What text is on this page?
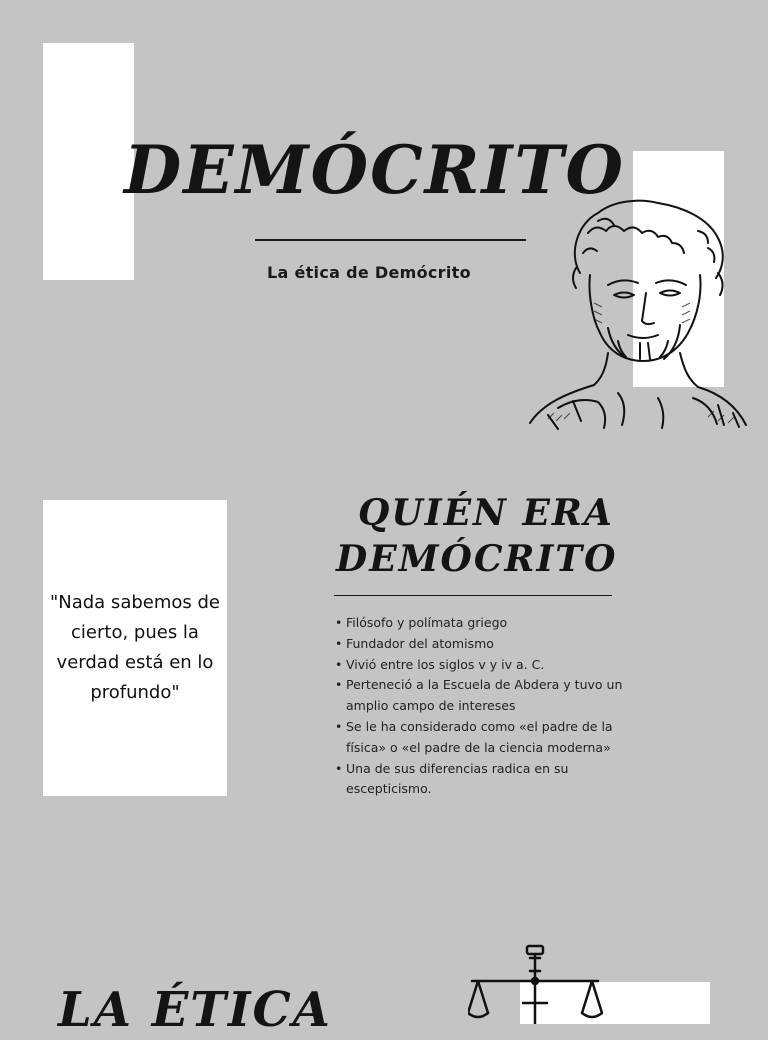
DEMÓCRITO
La ética de Demócrito
"Nada sabemos de cierto, pues la verdad está en lo profundo"
QUIÉN ERA
DEMÓCRITO
• Filósofo y polímata griego
• Fundador del atomismo
• Vivió entre los siglos v y iv a. C.
• Perteneció a la Escuela de Abdera y tuvo un amplio campo de intereses
• Se le ha considerado como «el padre de la física» o «el padre de la ciencia moderna»
• Una de sus diferencias radica en su escepticismo.
LA ÉTICA
